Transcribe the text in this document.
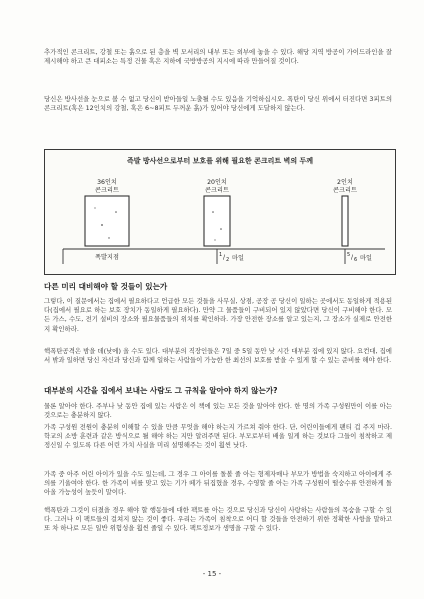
추가적인 콘크리트, 강철 또는 흙으로 된 층을 벽 모서리의 내부 또는 외부에 놓을 수 있다. 해당 지역 방공이 가이드라인을 잘 제시해야 하고 큰 대피소는 특정 건물 혹은 지하에 국방방공의 지시에 따라 만들어질 것이다.

당신은 방사선을 눈으로 볼 수 없고 당신이 받아들일 노출될 수도 있음을 기억하십시오. 폭탄이 당신 위에서 터진다면 3피트의 콘크리트(혹은 12인치의 강철, 혹은 6~8피트 두꺼운 흙)가 있어야 당신에게 도달하지 않는다.

즉발 방사선으로부터 보호를 위해 필요한 콘크리트 벽의 두께
36인치
콘크리트
20인치
콘크리트
2인치
콘크리트
폭발지점	1 / 2 마일	5 / 6 마일
다른 미리 대비해야 할 것들이 있는가

그렇다, 이 질문에서는 집에서 필요하다고 언급한 모든 것들을 사무실, 상점, 공장 공 당신이 일하는 곳에서도 동일하게 적용된다(집에서 필요로 하는 보호 장치가 동일하게 필요하다). 만약 그 물품들이 구비되어 있지 않았다면 당신이 구비해야 한다. 모든 가스, 수도, 전기 설비의 장소와 필요물품들의 위치를 확인하라. 가장 안전한 장소를 알고 있는지, 그 장소가 실제로 안전한지 확인하라.

핵폭탄공격은 밤을 데(낮에) 올 수도 있다. 대부분의 직장인들은 7일 중 5일 동안 낮 시간 대부분 집에 있지 않다. 요컨대, 집에서 밖과 일하면 당신 자신과 당신과 함께 일하는 사람들이 가능한 한 최선의 보호를 받을 수 있게 할 수 있는 준비를 해야 한다.

대부분의 시간을 집에서 보내는 사람도 그 규칙을 알아야 하지 않는가?

물론 알아야 한다. 주부나 낮 동안 집에 있는 사람은 이 책에 있는 모든 것을 알아야 한다. 한 명의 가족 구성원만이 이를 아는 것으로는 충분하지 않다.

가족 구성원 전원이 충분히 이해할 수 있을 만큼 무엇을 해야 하는지 가르쳐 줘야 한다. 단, 어린이들에게 팬티 겁 주지 마라. 학교의 소방 훈련과 같은 방식으로 될 해야 하는 지만 알려주면 된다. 부모로부터 배울 일게 하는 것보다 그들이 침착하고 제 정신일 수 있도록 다른 어린 가치 사실을 미리 설명해주는 것이 훨씬 낫다.

가족 중 아주 어린 아이가 있을 수도 있는데, 그 경우 그 아이를 돌볼 줄 아는 형제자매나 부모가 방법을 숙지하고 아이에게 주의를 기울여야 한다. 한 가족이 비를 맞고 있는 기가 떼가 뒤집혔을 경우, 수영할 줄 아는 가족 구성원이 떨숭수류 안전하게 돌아올 가능성이 높듯이 말이다.

핵폭탄과 그것이 터졌을 경우 해야 할 행동들에 대한 팩트를 아는 것으로 당신과 당신이 사랑하는 사람들의 목숨을 구할 수 있다. 그러나 이 팩트들의 걸쳐지 않는 것이 좋다. 우리는 가족이 침착으로 어디 할 것들을 안전하기 위한 정확한 사항을 말하고 또 차 하나로 모든 일반 위험성을 훨씬 줄일 수 있다. 팩트정보가 생명을 구할 수 있다.

- 15 -
